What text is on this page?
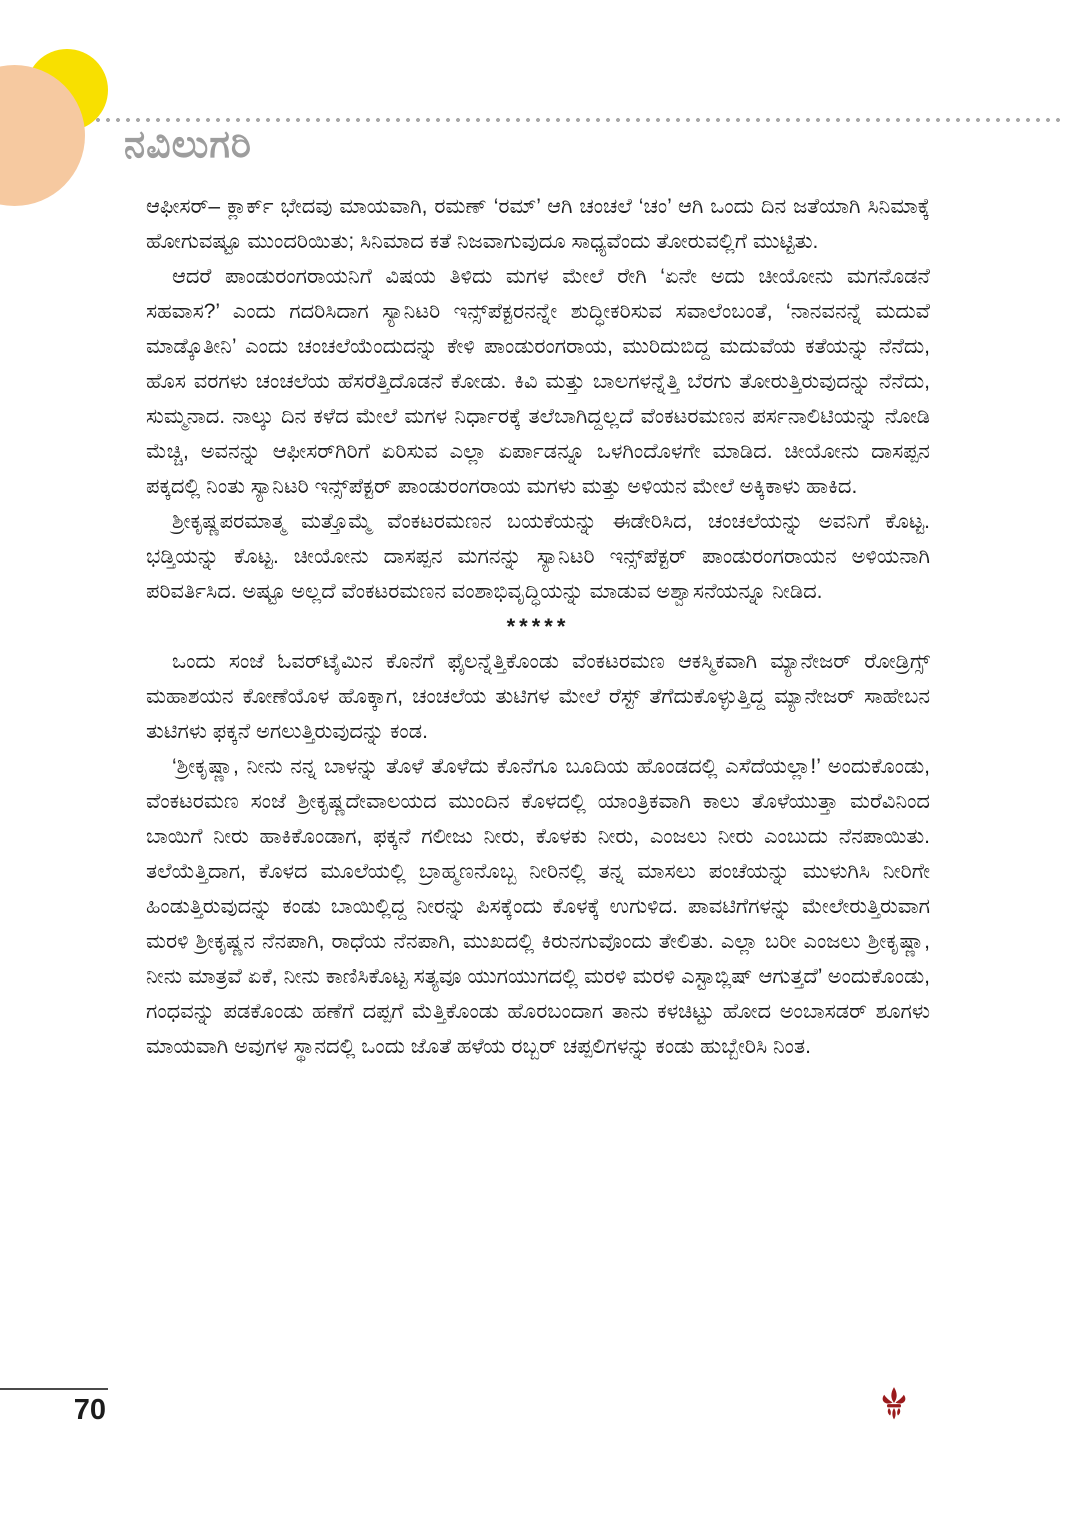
ನವಿಲುಗರಿ

ಆಫೀಸರ್– ಕ್ಲಾರ್ಕ್ ಭೇದವು ಮಾಯವಾಗಿ, ರಮಣ್ ‘ರಮ್’ ಆಗಿ ಚಂಚಲೆ ‘ಚಂ’ ಆಗಿ ಒಂದು ದಿನ ಜತೆಯಾಗಿ ಸಿನಿಮಾಕ್ಕೆ ಹೋಗುವಷ್ಟೂ ಮುಂದರಿಯಿತು; ಸಿನಿಮಾದ ಕತೆ ನಿಜವಾಗುವುದೂ ಸಾಧ್ಯವೆಂದು ತೋರುವಲ್ಲಿಗೆ ಮುಟ್ಟಿತು.

ಆದರೆ ಪಾಂಡುರಂಗರಾಯನಿಗೆ ವಿಷಯ ತಿಳಿದು ಮಗಳ ಮೇಲೆ ರೇಗಿ ‘ಏನೇ ಅದು ಚೀಯೋನು ಮಗನೊಡನೆ ಸಹವಾಸ?’ ಎಂದು ಗದರಿಸಿದಾಗ ಸ್ಯಾನಿಟರಿ ಇನ್ಸ್‌ಪೆಕ್ಟರನನ್ನೇ ಶುದ್ಧೀಕರಿಸುವ ಸವಾಲೆಂಬಂತೆ, ‘ನಾನವನನ್ನೆ ಮದುವೆ ಮಾಡ್ಕೊತೀನಿ’ ಎಂದು ಚಂಚಲೆಯೆಂದುದನ್ನು ಕೇಳಿ ಪಾಂಡುರಂಗರಾಯ, ಮುರಿದುಬಿದ್ದ ಮದುವೆಯ ಕತೆಯನ್ನು ನೆನೆದು, ಹೊಸ ವರಗಳು ಚಂಚಲೆಯ ಹೆಸರೆತ್ತಿದೊಡನೆ ಕೋಡು. ಕಿವಿ ಮತ್ತು ಬಾಲಗಳನ್ನೆತ್ತಿ ಬೆರಗು ತೋರುತ್ತಿರುವುದನ್ನು ನೆನೆದು, ಸುಮ್ಮನಾದ. ನಾಲ್ಕು ದಿನ ಕಳೆದ ಮೇಲೆ ಮಗಳ ನಿರ್ಧಾರಕ್ಕೆ ತಲೆಬಾಗಿದ್ದಲ್ಲದೆ ವೆಂಕಟರಮಣನ ಪರ್ಸನಾಲಿಟಿಯನ್ನು ನೋಡಿ ಮೆಚ್ಚಿ, ಅವನನ್ನು ಆಫೀಸರ್‌ಗಿರಿಗೆ ಏರಿಸುವ ಎಲ್ಲಾ ಏರ್ಪಾಡನ್ನೂ ಒಳಗಿಂದೊಳಗೇ ಮಾಡಿದ. ಚೀಯೋನು ದಾಸಪ್ಪನ ಪಕ್ಕದಲ್ಲಿ ನಿಂತು ಸ್ಯಾನಿಟರಿ ಇನ್ಸ್‌ಪೆಕ್ಟರ್ ಪಾಂಡುರಂಗರಾಯ ಮಗಳು ಮತ್ತು ಅಳಿಯನ ಮೇಲೆ ಅಕ್ಕಿಕಾಳು ಹಾಕಿದ.

ಶ್ರೀಕೃಷ್ಣಪರಮಾತ್ಮ ಮತ್ತೊಮ್ಮೆ ವೆಂಕಟರಮಣನ ಬಯಕೆಯನ್ನು ಈಡೇರಿಸಿದ, ಚಂಚಲೆಯನ್ನು ಅವನಿಗೆ ಕೊಟ್ಟ. ಭಡ್ತಿಯನ್ನು ಕೊಟ್ಟ. ಚೀಯೋನು ದಾಸಪ್ಪನ ಮಗನನ್ನು ಸ್ಯಾನಿಟರಿ ಇನ್ಸ್‌ಪೆಕ್ಟರ್ ಪಾಂಡುರಂಗರಾಯನ ಅಳಿಯನಾಗಿ ಪರಿವರ್ತಿಸಿದ. ಅಷ್ಟೂ ಅಲ್ಲದೆ ವೆಂಕಟರಮಣನ ವಂಶಾಭಿವೃದ್ಧಿಯನ್ನು ಮಾಡುವ ಅಶ್ವಾಸನೆಯನ್ನೂ ನೀಡಿದ.

*****

ಒಂದು ಸಂಜೆ ಓವರ್‌ಟೈಮಿನ ಕೊನೆಗೆ ಫೈಲನ್ನೆತ್ತಿಕೊಂಡು ವೆಂಕಟರಮಣ ಆಕಸ್ಮಿಕವಾಗಿ ಮ್ಯಾನೇಜರ್ ರೋಡ್ರಿಗ್ಸ್ ಮಹಾಶಯನ ಕೋಣೆಯೊಳ ಹೊಕ್ಕಾಗ, ಚಂಚಲೆಯ ತುಟಿಗಳ ಮೇಲೆ ರೆಸ್ಟ್ ತೆಗೆದುಕೊಳ್ಳುತ್ತಿದ್ದ ಮ್ಯಾನೇಜರ್ ಸಾಹೇಬನ ತುಟಿಗಳು ಫಕ್ಕನೆ ಅಗಲುತ್ತಿರುವುದನ್ನು ಕಂಡ.

‘ಶ್ರೀಕೃಷ್ಣಾ, ನೀನು ನನ್ನ ಬಾಳನ್ನು ತೊಳೆ ತೊಳೆದು ಕೊನೆಗೂ ಬೂದಿಯ ಹೊಂಡದಲ್ಲಿ ಎಸೆದೆಯಲ್ಲಾ!’ ಅಂದುಕೊಂಡು, ವೆಂಕಟರಮಣ ಸಂಜೆ ಶ್ರೀಕೃಷ್ಣದೇವಾಲಯದ ಮುಂದಿನ ಕೊಳದಲ್ಲಿ ಯಾಂತ್ರಿಕವಾಗಿ ಕಾಲು ತೊಳೆಯುತ್ತಾ ಮರೆವಿನಿಂದ ಬಾಯಿಗೆ ನೀರು ಹಾಕಿಕೊಂಡಾಗ, ಫಕ್ಕನೆ ಗಲೀಜು ನೀರು, ಕೊಳಕು ನೀರು, ಎಂಜಲು ನೀರು ಎಂಬುದು ನೆನಪಾಯಿತು. ತಲೆಯೆತ್ತಿದಾಗ, ಕೊಳದ ಮೂಲೆಯಲ್ಲಿ ಬ್ರಾಹ್ಮಣನೊಬ್ಬ ನೀರಿನಲ್ಲಿ ತನ್ನ ಮಾಸಲು ಪಂಚೆಯನ್ನು ಮುಳುಗಿಸಿ ನೀರಿಗೇ ಹಿಂಡುತ್ತಿರುವುದನ್ನು ಕಂಡು ಬಾಯಿಲ್ಲಿದ್ದ ನೀರನ್ನು ಪಿಸಕ್ಕೆಂದು ಕೊಳಕ್ಕೆ ಉಗುಳಿದ. ಪಾವಟಿಗೆಗಳನ್ನು ಮೇಲೇರುತ್ತಿರುವಾಗ ಮರಳಿ ಶ್ರೀಕೃಷ್ಣನ ನೆನಪಾಗಿ, ರಾಧೆಯ ನೆನಪಾಗಿ, ಮುಖದಲ್ಲಿ ಕಿರುನಗುವೊಂದು ತೇಲಿತು. ಎಲ್ಲಾ ಬರೀ ಎಂಜಲು ಶ್ರೀಕೃಷ್ಣಾ, ನೀನು ಮಾತ್ರವೆ ಏಕೆ, ನೀನು ಕಾಣಿಸಿಕೊಟ್ಟ ಸತ್ಯವೂ ಯುಗಯುಗದಲ್ಲಿ ಮರಳಿ ಮರಳಿ ಎಸ್ಟಾಬ್ಲಿಷ್ ಆಗುತ್ತದೆ’ ಅಂದುಕೊಂಡು, ಗಂಧವನ್ನು ಪಡಕೊಂಡು ಹಣೆಗೆ ದಪ್ಪಗೆ ಮೆತ್ತಿಕೊಂಡು ಹೊರಬಂದಾಗ ತಾನು ಕಳಚಿಟ್ಟು ಹೋದ ಅಂಬಾಸಡರ್ ಶೂಗಳು ಮಾಯವಾಗಿ ಅವುಗಳ ಸ್ಥಾನದಲ್ಲಿ ಒಂದು ಜೊತೆ ಹಳೆಯ ರಬ್ಬರ್ ಚಪ್ಪಲಿಗಳನ್ನು ಕಂಡು ಹುಬ್ಬೇರಿಸಿ ನಿಂತ.

70
